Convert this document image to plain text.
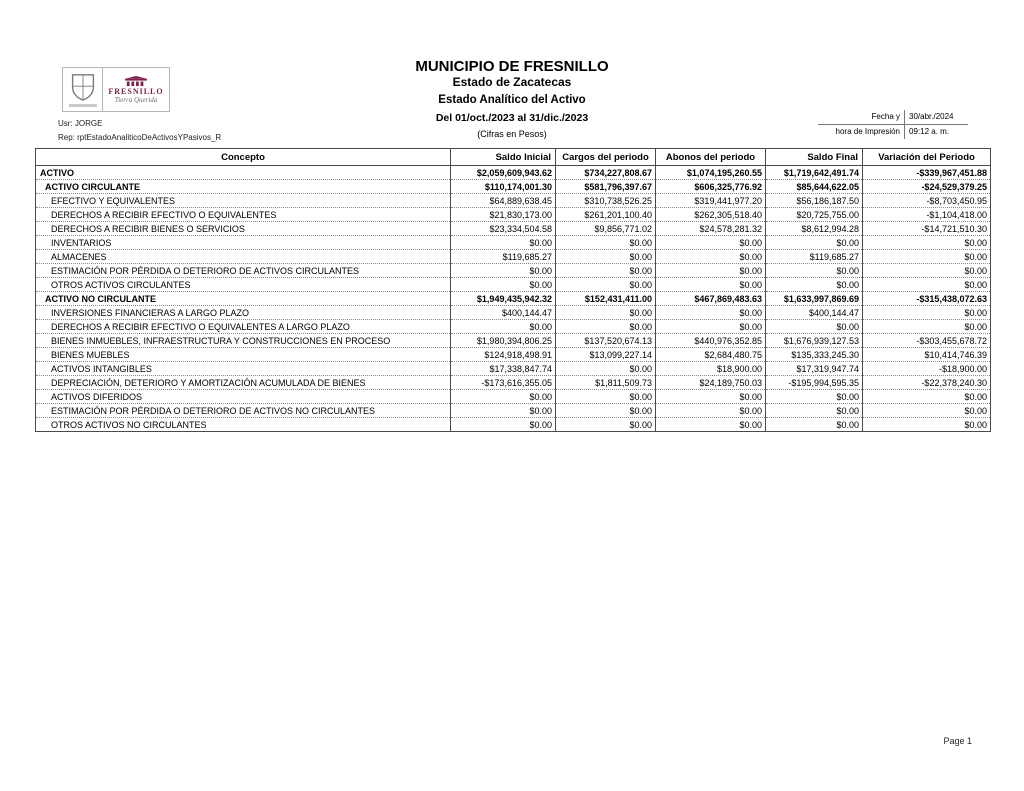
FRESNILLO
Tierra Querida
Usr: JORGE
Rep: rptEstadoAnaliticoDeActivosYPasivos_R
MUNICIPIO DE FRESNILLO
Estado de Zacatecas
Estado Analítico del Activo
Del 01/oct./2023 al 31/dic./2023
(Cifras en Pesos)
Fecha y	30/abr./2024
hora de Impresión	09:12 a. m.
Concepto	Saldo Inicial	Cargos del periodo	Abonos del periodo	Saldo Final	Variación del Periodo
ACTIVO	$2,059,609,943.62	$734,227,808.67	$1,074,195,260.55	$1,719,642,491.74	-$339,967,451.88
ACTIVO CIRCULANTE	$110,174,001.30	$581,796,397.67	$606,325,776.92	$85,644,622.05	-$24,529,379.25
EFECTIVO Y EQUIVALENTES	$64,889,638.45	$310,738,526.25	$319,441,977.20	$56,186,187.50	-$8,703,450.95
DERECHOS A RECIBIR EFECTIVO O EQUIVALENTES	$21,830,173.00	$261,201,100.40	$262,305,518.40	$20,725,755.00	-$1,104,418.00
DERECHOS A RECIBIR BIENES O SERVICIOS	$23,334,504.58	$9,856,771.02	$24,578,281.32	$8,612,994.28	-$14,721,510.30
INVENTARIOS	$0.00	$0.00	$0.00	$0.00	$0.00
ALMACENES	$119,685.27	$0.00	$0.00	$119,685.27	$0.00
ESTIMACIÓN POR PÉRDIDA O DETERIORO DE ACTIVOS CIRCULANTES	$0.00	$0.00	$0.00	$0.00	$0.00
OTROS ACTIVOS CIRCULANTES	$0.00	$0.00	$0.00	$0.00	$0.00
ACTIVO NO CIRCULANTE	$1,949,435,942.32	$152,431,411.00	$467,869,483.63	$1,633,997,869.69	-$315,438,072.63
INVERSIONES FINANCIERAS A LARGO PLAZO	$400,144.47	$0.00	$0.00	$400,144.47	$0.00
DERECHOS A RECIBIR EFECTIVO O EQUIVALENTES A LARGO PLAZO	$0.00	$0.00	$0.00	$0.00	$0.00
BIENES INMUEBLES, INFRAESTRUCTURA Y CONSTRUCCIONES EN PROCESO	$1,980,394,806.25	$137,520,674.13	$440,976,352.85	$1,676,939,127.53	-$303,455,678.72
BIENES MUEBLES	$124,918,498.91	$13,099,227.14	$2,684,480.75	$135,333,245.30	$10,414,746.39
ACTIVOS INTANGIBLES	$17,338,847.74	$0.00	$18,900.00	$17,319,947.74	-$18,900.00
DEPRECIACIÓN, DETERIORO Y AMORTIZACIÓN ACUMULADA DE BIENES	-$173,616,355.05	$1,811,509.73	$24,189,750.03	-$195,994,595.35	-$22,378,240.30
ACTIVOS DIFERIDOS	$0.00	$0.00	$0.00	$0.00	$0.00
ESTIMACIÓN POR PÉRDIDA O DETERIORO DE ACTIVOS NO CIRCULANTES	$0.00	$0.00	$0.00	$0.00	$0.00
OTROS ACTIVOS NO CIRCULANTES	$0.00	$0.00	$0.00	$0.00	$0.00
Page 1
